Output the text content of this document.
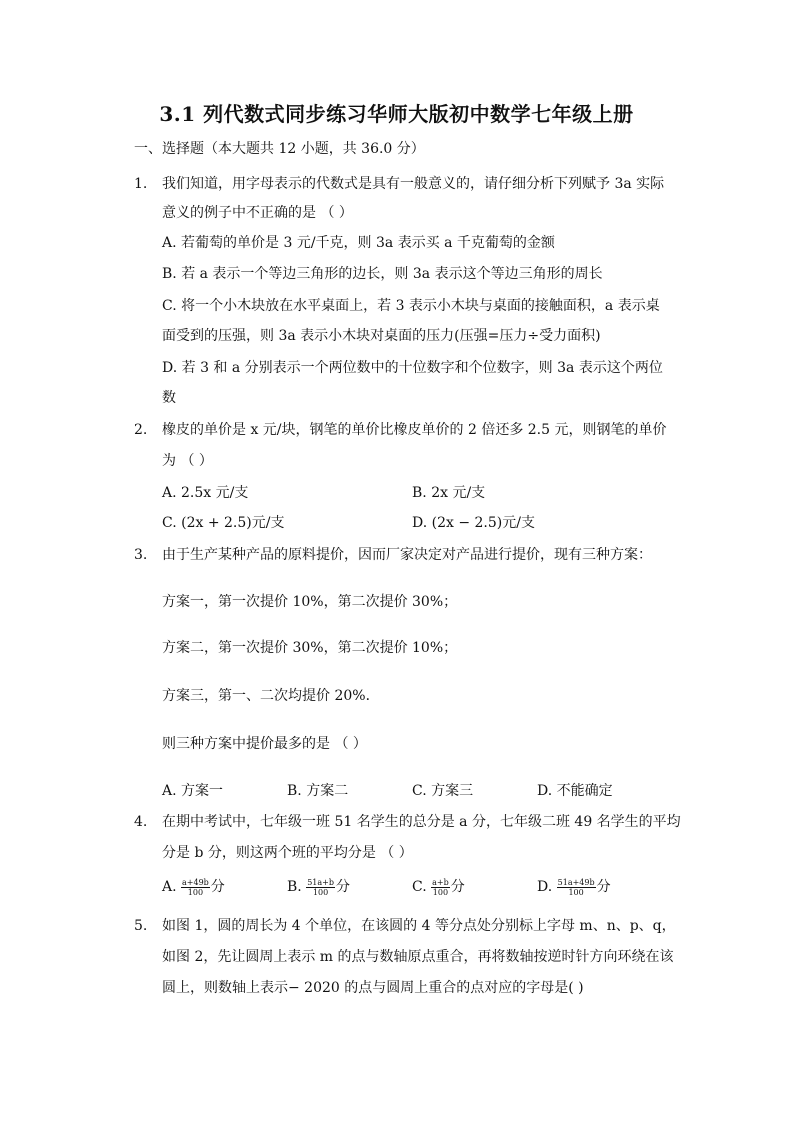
3.1 列代数式同步练习华师大版初中数学七年级上册
一、选择题（本大题共 12 小题，共 36.0 分）
1. 我们知道，用字母表示的代数式是具有一般意义的，请仔细分析下列赋予 3a 实际
意义的例子中不正确的是 （ ）
A. 若葡萄的单价是 3 元/千克，则 3a 表示买 a 千克葡萄的金额
B. 若 a 表示一个等边三角形的边长，则 3a 表示这个等边三角形的周长
C. 将一个小木块放在水平桌面上，若 3 表示小木块与桌面的接触面积，a 表示桌
面受到的压强，则 3a 表示小木块对桌面的压力(压强=压力÷受力面积)
D. 若 3 和 a 分别表示一个两位数中的十位数字和个位数字，则 3a 表示这个两位
数
2. 橡皮的单价是 x 元/块，钢笔的单价比橡皮单价的 2 倍还多 2.5 元，则钢笔的单价
为 （ ）
A. 2.5x 元/支	B. 2x 元/支
C. (2x + 2.5)元/支	D. (2x − 2.5)元/支
3. 由于生产某种产品的原料提价，因而厂家决定对产品进行提价，现有三种方案：
方案一，第一次提价 10%，第二次提价 30%；
方案二，第一次提价 30%，第二次提价 10%；
方案三，第一、二次均提价 20%．
则三种方案中提价最多的是 （ ）
A. 方案一	B. 方案二	C. 方案三	D. 不能确定
4. 在期中考试中，七年级一班 51 名学生的总分是 a 分，七年级二班 49 名学生的平均
分是 b 分，则这两个班的平均分是 （ ）
A. $\frac{a+49b}{100}$ 分	B. $\frac{51a+b}{100}$ 分	C. $\frac{a+b}{100}$ 分	D. $\frac{51a+49b}{100}$ 分
5. 如图 1，圆的周长为 4 个单位，在该圆的 4 等分点处分别标上字母 m、n、p、q，
如图 2，先让圆周上表示 m 的点与数轴原点重合，再将数轴按逆时针方向环绕在该
圆上，则数轴上表示− 2020 的点与圆周上重合的点对应的字母是( )
